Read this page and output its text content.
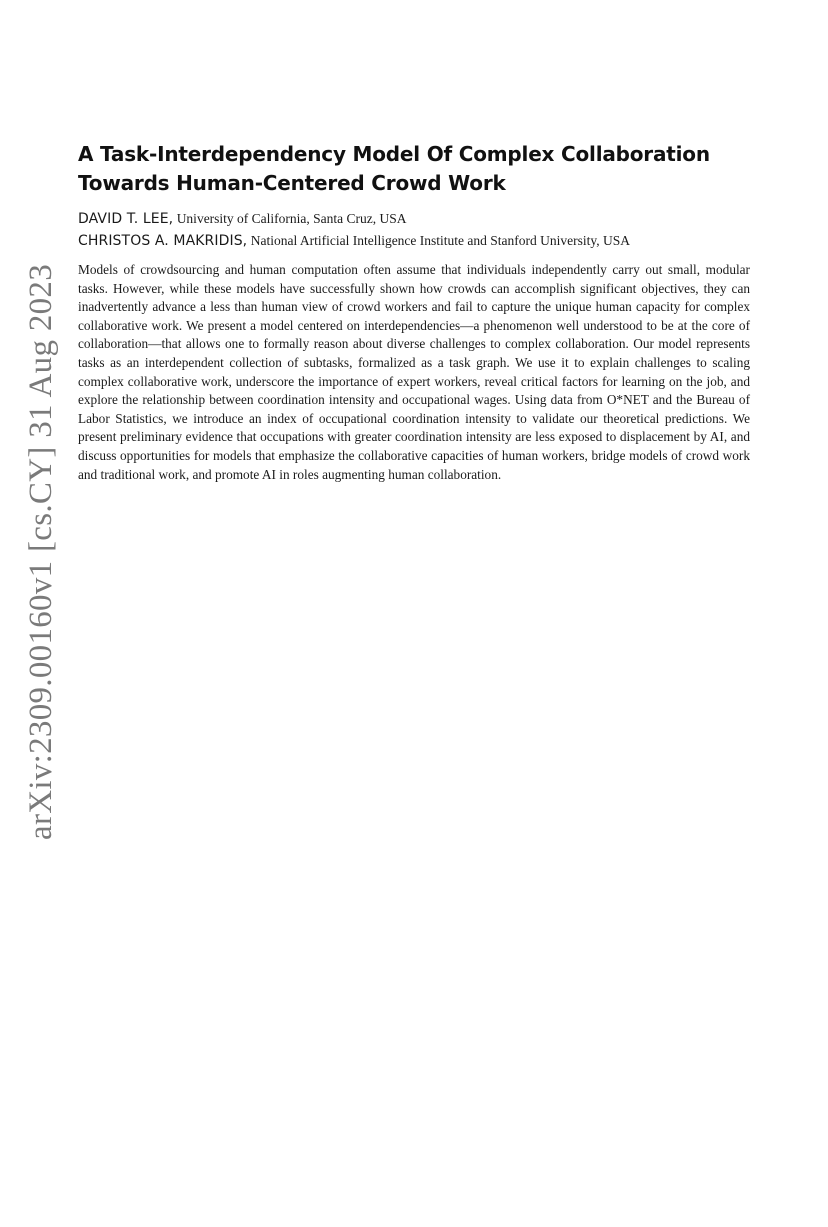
arXiv:2309.00160v1 [cs.CY] 31 Aug 2023
A Task-Interdependency Model Of Complex Collaboration Towards Human-Centered Crowd Work
DAVID T. LEE, University of California, Santa Cruz, USA
CHRISTOS A. MAKRIDIS, National Artificial Intelligence Institute and Stanford University, USA

Models of crowdsourcing and human computation often assume that individuals independently carry out small, modular tasks. However, while these models have successfully shown how crowds can accomplish significant objectives, they can inadvertently advance a less than human view of crowd workers and fail to capture the unique human capacity for complex collaborative work. We present a model centered on interdependencies—a phenomenon well understood to be at the core of collaboration—that allows one to formally reason about diverse challenges to complex collaboration. Our model represents tasks as an interdependent collection of subtasks, formalized as a task graph. We use it to explain challenges to scaling complex collaborative work, underscore the importance of expert workers, reveal critical factors for learning on the job, and explore the relationship between coordination intensity and occupational wages. Using data from O*NET and the Bureau of Labor Statistics, we introduce an index of occupational coordination intensity to validate our theoretical predictions. We present preliminary evidence that occupations with greater coordination intensity are less exposed to displacement by AI, and discuss opportunities for models that emphasize the collaborative capacities of human workers, bridge models of crowd work and traditional work, and promote AI in roles augmenting human collaboration.
